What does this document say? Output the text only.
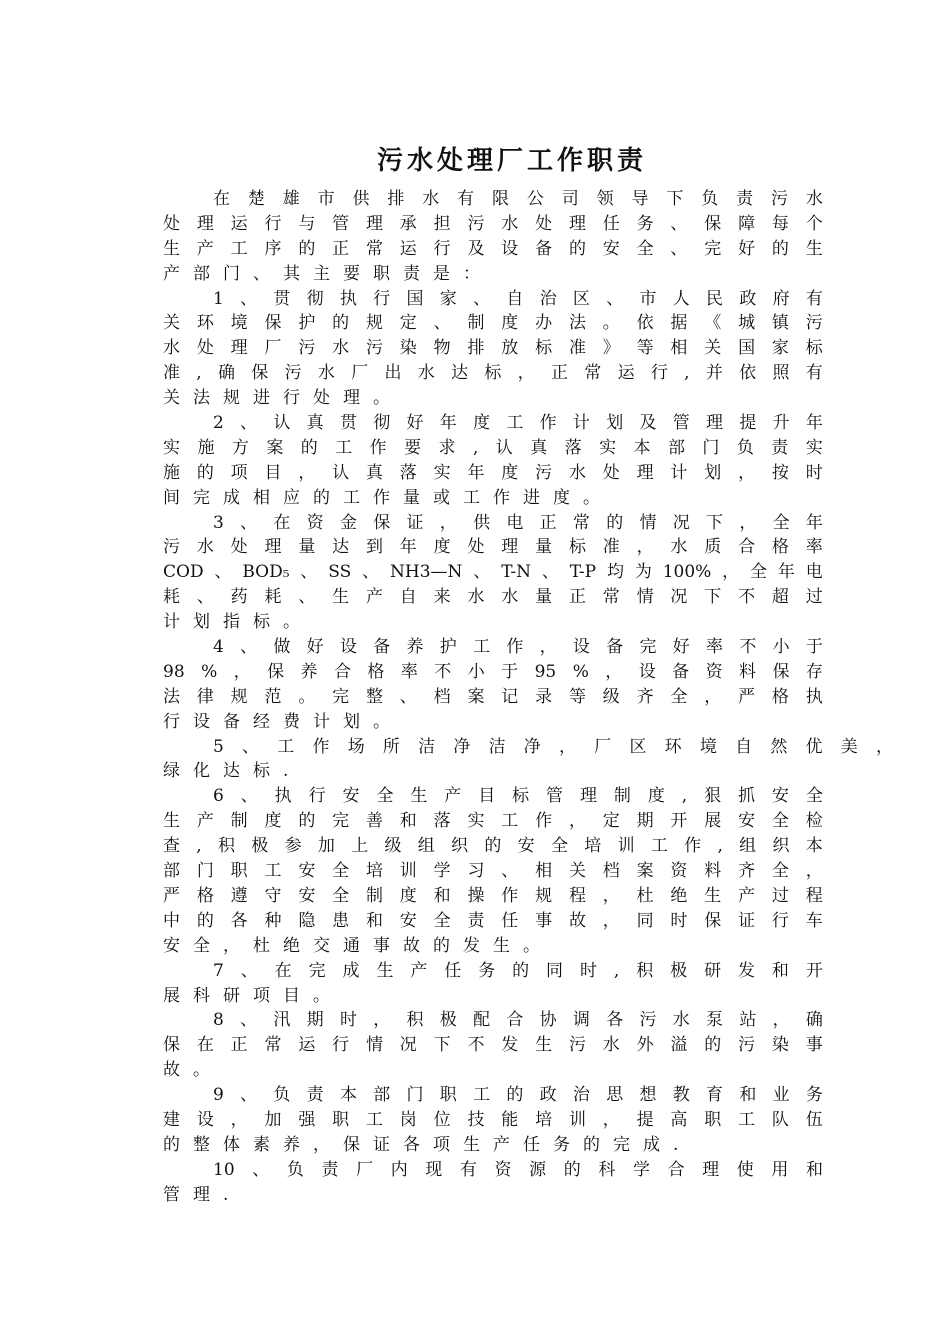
污水处理厂工作职责
在 楚 雄 市 供 排 水 有 限 公 司 领 导 下 负 责 污 水
处 理 运 行 与 管 理 承 担 污 水 处 理 任 务 、 保 障 每 个
生 产 工 序 的 正 常 运 行 及 设 备 的 安 全 、 完 好 的 生
产 部 门 、 其 主 要 职 责 是 ：
1 、 贯 彻 执 行 国 家 、 自 治 区 、 市 人 民 政 府 有
关 环 境 保 护 的 规 定 、 制 度 办 法 。 依 据 《 城 镇 污
水 处 理 厂 污 水 污 染 物 排 放 标 准 》 等 相 关 国 家 标
准 , 确 保 污 水 厂 出 水 达 标 ， 正 常 运 行 , 并 依 照 有
关 法 规 进 行 处 理 。
2 、 认 真 贯 彻 好 年 度 工 作 计 划 及 管 理 提 升 年
实 施 方 案 的 工 作 要 求 , 认 真 落 实 本 部 门 负 责 实
施 的 项 目 ， 认 真 落 实 年 度 污 水 处 理 计 划 ， 按 时
间 完 成 相 应 的 工 作 量 或 工 作 进 度 。
3 、 在 资 金 保 证 ， 供 电 正 常 的 情 况 下 ， 全 年
污 水 处 理 量 达 到 年 度 处 理 量 标 准 ， 水 质 合 格 率
COD 、 BOD₅ 、 SS 、 NH3—N 、 T-N 、 T-P 均 为 100% ， 全 年 电
耗 、 药 耗 、 生 产 自 来 水 水 量 正 常 情 况 下 不 超 过
计 划 指 标 。
4 、 做 好 设 备 养 护 工 作 ， 设 备 完 好 率 不 小 于
98 % ， 保 养 合 格 率 不 小 于 95 % ， 设 备 资 料 保 存
法 律 规 范 。 完 整 、 档 案 记 录 等 级 齐 全 ， 严 格 执
行 设 备 经 费 计 划 。
5 、 工 作 场 所 洁 净 洁 净 ， 厂 区 环 境 自 然 优 美 ，
绿 化 达 标 .
6 、 执 行 安 全 生 产 目 标 管 理 制 度 , 狠 抓 安 全
生 产 制 度 的 完 善 和 落 实 工 作 ， 定 期 开 展 安 全 检
查 , 积 极 参 加 上 级 组 织 的 安 全 培 训 工 作 , 组 织 本
部 门 职 工 安 全 培 训 学 习 、 相 关 档 案 资 料 齐 全 ，
严 格 遵 守 安 全 制 度 和 操 作 规 程 ， 杜 绝 生 产 过 程
中 的 各 种 隐 患 和 安 全 责 任 事 故 ， 同 时 保 证 行 车
安 全 ， 杜 绝 交 通 事 故 的 发 生 。
7 、 在 完 成 生 产 任 务 的 同 时 , 积 极 研 发 和 开
展 科 研 项 目 。
8 、 汛 期 时 ， 积 极 配 合 协 调 各 污 水 泵 站 ， 确
保 在 正 常 运 行 情 况 下 不 发 生 污 水 外 溢 的 污 染 事
故 。
9 、 负 责 本 部 门 职 工 的 政 治 思 想 教 育 和 业 务
建 设 ， 加 强 职 工 岗 位 技 能 培 训 ， 提 高 职 工 队 伍
的 整 体 素 养 ， 保 证 各 项 生 产 任 务 的 完 成 .
10 、 负 责 厂 内 现 有 资 源 的 科 学 合 理 使 用 和
管 理 .
